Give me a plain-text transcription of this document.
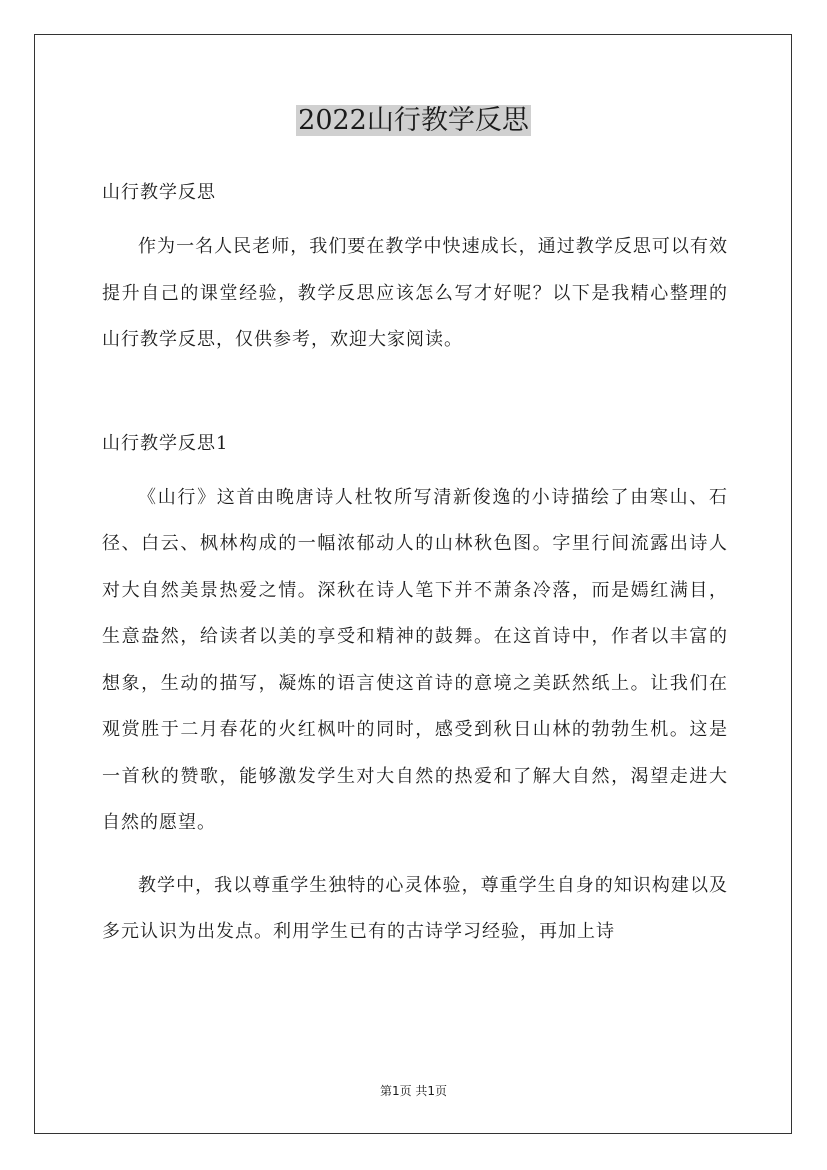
2022山行教学反思

山行教学反思

作为一名人民老师，我们要在教学中快速成长，通过教学反思可以有效提升自己的课堂经验，教学反思应该怎么写才好呢？以下是我精心整理的山行教学反思，仅供参考，欢迎大家阅读。

山行教学反思1

《山行》这首由晚唐诗人杜牧所写清新俊逸的小诗描绘了由寒山、石径、白云、枫林构成的一幅浓郁动人的山林秋色图。字里行间流露出诗人对大自然美景热爱之情。深秋在诗人笔下并不萧条冷落，而是嫣红满目，生意盎然，给读者以美的享受和精神的鼓舞。在这首诗中，作者以丰富的想象，生动的描写，凝炼的语言使这首诗的意境之美跃然纸上。让我们在观赏胜于二月春花的火红枫叶的同时，感受到秋日山林的勃勃生机。这是一首秋的赞歌，能够激发学生对大自然的热爱和了解大自然，渴望走进大自然的愿望。

教学中，我以尊重学生独特的心灵体验，尊重学生自身的知识构建以及多元认识为出发点。利用学生已有的古诗学习经验，再加上诗

第1页 共1页
